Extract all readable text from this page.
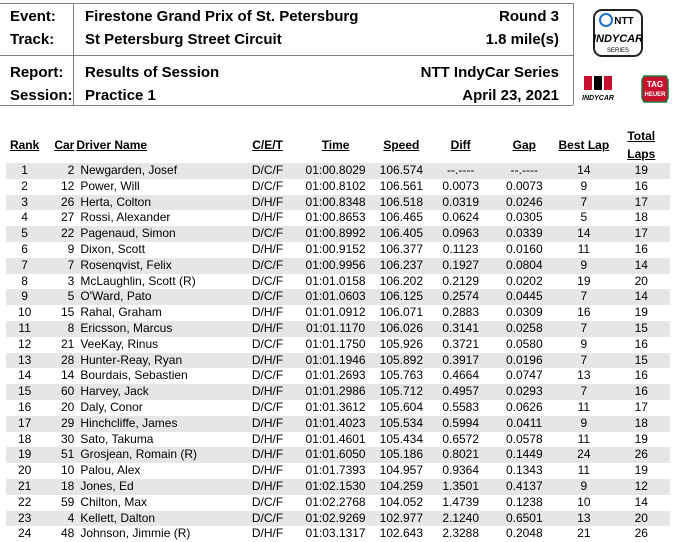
Event: Firestone Grand Prix of St. Petersburg	Round 3
Track: St Petersburg Street Circuit	1.8 mile(s)
Report: Results of Session	NTT IndyCar Series
Session: Practice 1	April 23, 2021
NTT
INDYCAR
SERIES
INDYCAR
TAG
HEUER
Rank	Car	Driver Name	C/E/T	Time	Speed	Diff	Gap	Best Lap	Total Laps
1	2	Newgarden, Josef	D/C/F	01:00.8029	106.574	--.----	--.----	14	19
2	12	Power, Will	D/C/F	01:00.8102	106.561	0.0073	0.0073	9	16
3	26	Herta, Colton	D/H/F	01:00.8348	106.518	0.0319	0.0246	7	17
4	27	Rossi, Alexander	D/H/F	01:00.8653	106.465	0.0624	0.0305	5	18
5	22	Pagenaud, Simon	D/C/F	01:00.8992	106.405	0.0963	0.0339	14	17
6	9	Dixon, Scott	D/H/F	01:00.9152	106.377	0.1123	0.0160	11	16
7	7	Rosenqvist, Felix	D/C/F	01:00.9956	106.237	0.1927	0.0804	9	14
8	3	McLaughlin, Scott (R)	D/C/F	01:01.0158	106.202	0.2129	0.0202	19	20
9	5	O'Ward, Pato	D/C/F	01:01.0603	106.125	0.2574	0.0445	7	14
10	15	Rahal, Graham	D/H/F	01:01.0912	106.071	0.2883	0.0309	16	19
11	8	Ericsson, Marcus	D/H/F	01:01.1170	106.026	0.3141	0.0258	7	15
12	21	VeeKay, Rinus	D/C/F	01:01.1750	105.926	0.3721	0.0580	9	16
13	28	Hunter-Reay, Ryan	D/H/F	01:01.1946	105.892	0.3917	0.0196	7	15
14	14	Bourdais, Sebastien	D/C/F	01:01.2693	105.763	0.4664	0.0747	13	16
15	60	Harvey, Jack	D/H/F	01:01.2986	105.712	0.4957	0.0293	7	16
16	20	Daly, Conor	D/C/F	01:01.3612	105.604	0.5583	0.0626	11	17
17	29	Hinchcliffe, James	D/H/F	01:01.4023	105.534	0.5994	0.0411	9	18
18	30	Sato, Takuma	D/H/F	01:01.4601	105.434	0.6572	0.0578	11	19
19	51	Grosjean, Romain (R)	D/H/F	01:01.6050	105.186	0.8021	0.1449	24	26
20	10	Palou, Alex	D/H/F	01:01.7393	104.957	0.9364	0.1343	11	19
21	18	Jones, Ed	D/H/F	01:02.1530	104.259	1.3501	0.4137	9	12
22	59	Chilton, Max	D/C/F	01:02.2768	104.052	1.4739	0.1238	10	14
23	4	Kellett, Dalton	D/C/F	01:02.9269	102.977	2.1240	0.6501	13	20
24	48	Johnson, Jimmie (R)	D/H/F	01:03.1317	102.643	2.3288	0.2048	21	26
